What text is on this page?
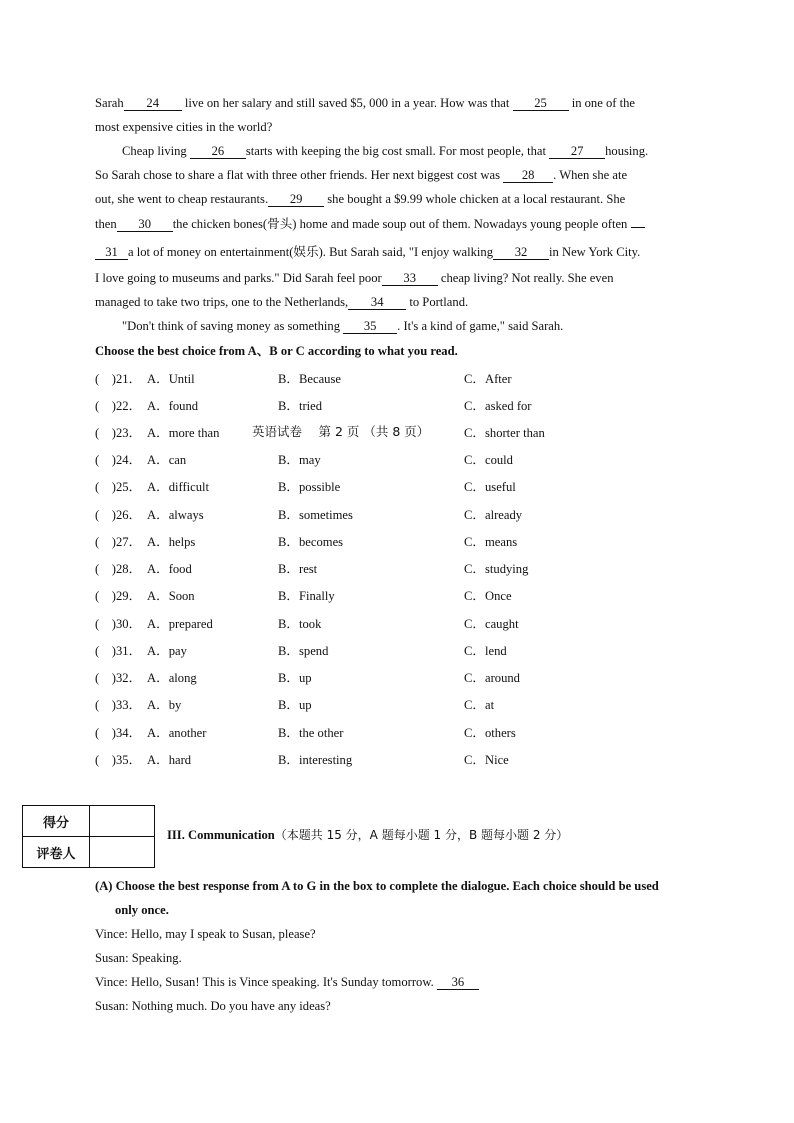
Sarah 24 live on her salary and still saved $5, 000 in a year. How was that 25 in one of the
most expensive cities in the world?
Cheap living 26 starts with keeping the big cost small. For most people, that 27 housing.
So Sarah chose to share a flat with three other friends. Her next biggest cost was 28 . When she ate
out, she went to cheap restaurants. 29 she bought a $9.99 whole chicken at a local restaurant. She
then 30 the chicken bones(骨头) home and made soup out of them. Nowadays young people often
31 a lot of money on entertainment(娱乐). But Sarah said, "I enjoy walking 32 in New York City.
I love going to museums and parks." Did Sarah feel poor 33 cheap living? Not really. She even
managed to take two trips, one to the Netherlands, 34 to Portland.
"Don't think of saving money as something 35 . It's a kind of game," said Sarah.
Choose the best choice from A、B or C according to what you read.
(　)21． A．Until	B．Because	C．After
(　)22． A．found	B．tried	C．asked for
(　)23． A．more than	C．shorter than
(　)24． A．can	B．may	C．could
(　)25． A．difficult	B．possible	C．useful
(　)26． A．always	B．sometimes	C．already
(　)27． A．helps	B．becomes	C．means
(　)28． A．food	B．rest	C．studying
(　)29． A．Soon	B．Finally	C．Once
(　)30． A．prepared	B．took	C．caught
(　)31． A．pay	B．spend	C．lend
(　)32． A．along	B．up	C．around
(　)33． A．by	B．up	C．at
(　)34． A．another	B．the other	C．others
(　)35． A．hard	B．interesting	C．Nice
英语试卷　 第 2 页 （共 8 页）
得分	
评卷人	
III. Communication（本题共 15 分，A 题每小题 1 分，B 题每小题 2 分）
(A) Choose the best response from A to G in the box to complete the dialogue. Each choice should be used
only once.
Vince: Hello, may I speak to Susan, please?
Susan: Speaking.
Vince: Hello, Susan! This is Vince speaking. It's Sunday tomorrow. 36
Susan: Nothing much. Do you have any ideas?
